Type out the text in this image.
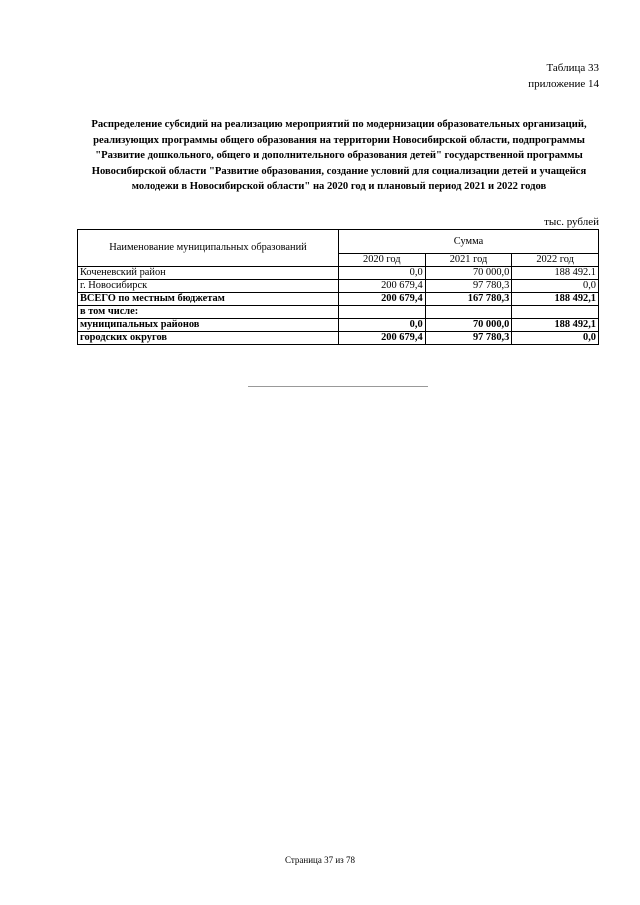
Таблица 33
приложение 14
Распределение субсидий на реализацию мероприятий по модернизации образовательных организаций, реализующих программы общего образования на территории Новосибирской области, подпрограммы "Развитие дошкольного, общего и дополнительного образования детей" государственной программы Новосибирской области "Развитие образования, создание условий для социализации детей и учащейся молодежи в Новосибирской области" на 2020 год и плановый период 2021 и 2022 годов
тыс. рублей
Наименование муниципальных образований	Сумма		
	2020 год	2021 год	2022 год
Коченевский район	0,0	70 000,0	188 492.1
г. Новосибирск	200 679,4	97 780,3	0,0
ВСЕГО по местным бюджетам	200 679,4	167 780,3	188 492,1
в том числе:			
муниципальных районов	0,0	70 000,0	188 492,1
городских округов	200 679,4	97 780,3	0,0
Страница 37 из 78
